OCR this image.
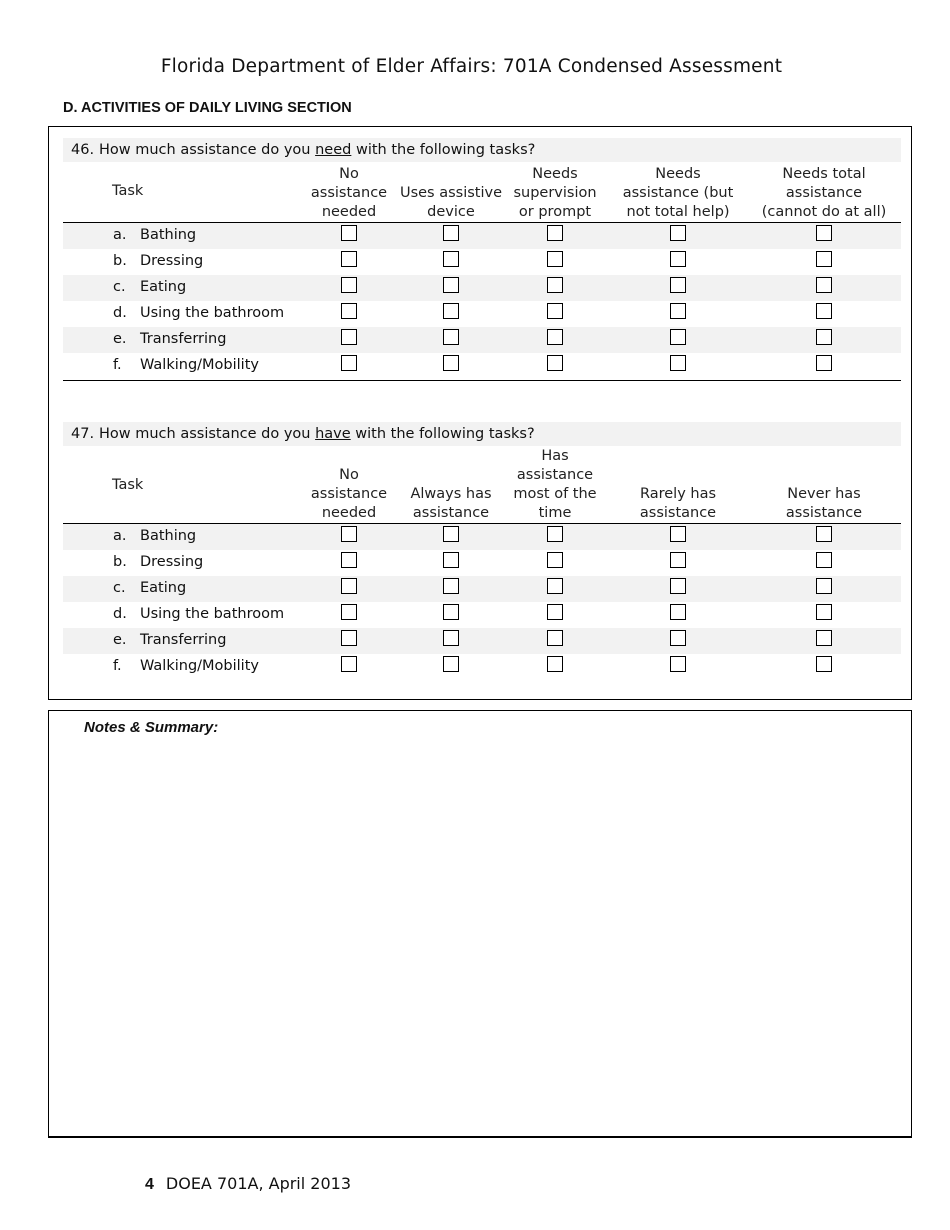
Florida Department of Elder Affairs: 701A Condensed Assessment
D. ACTIVITIES OF DAILY LIVING SECTION
46. How much assistance do you need with the following tasks?
Task
No
assistance
needed
Uses assistive
device
Needs
supervision
or prompt
Needs
assistance (but
not total help)
Needs total
assistance
(cannot do at all)
a. Bathing
b. Dressing
c. Eating
d. Using the bathroom
e. Transferring
f. Walking/Mobility
47. How much assistance do you have with the following tasks?
Task
No
assistance
needed
Always has
assistance
Has
assistance
most of the
time
Rarely has
assistance
Never has
assistance
a. Bathing
b. Dressing
c. Eating
d. Using the bathroom
e. Transferring
f. Walking/Mobility
Notes & Summary:
4 DOEA 701A, April 2013
